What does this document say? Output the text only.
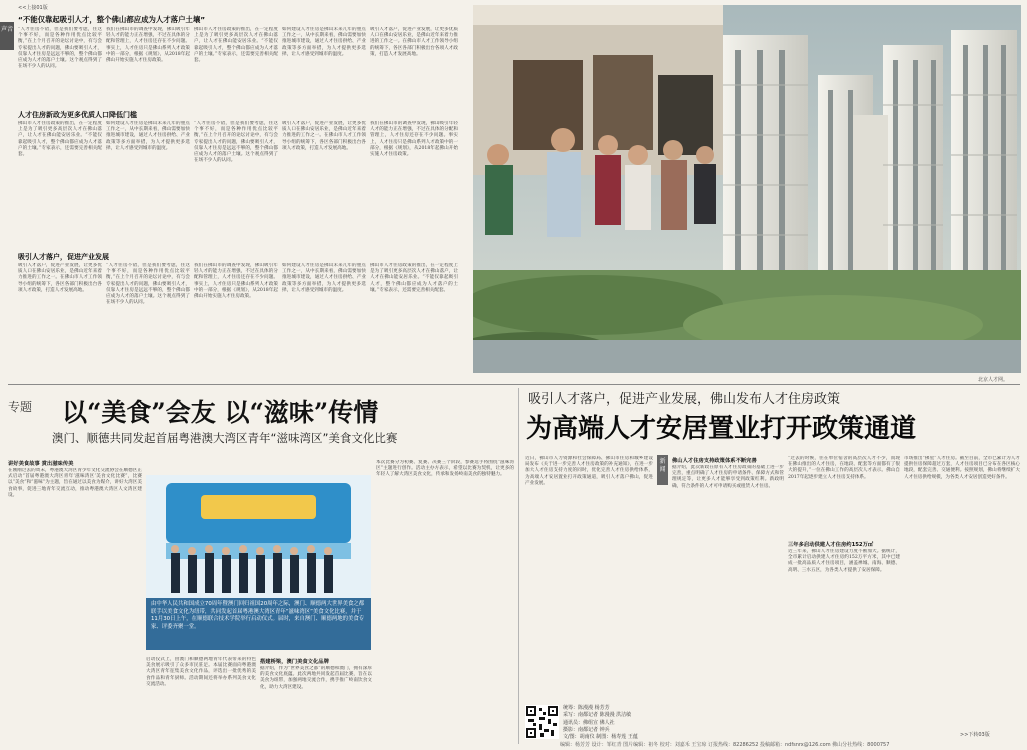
<<上接01版
声音
“不能仅靠起吸引人才，整个佛山都应成为人才落户土壤”
“人才住房不错，但是我们要考虑，住这个事不好，而是各种作用优点比较平衡，”在上个月召开的论坛讨论中，有与会专家提出人才的问题，佛山要吸引人才，仅靠人才住房是远远不够的，整个佛山都应成为人才的落户土壤。这个观点得到了在场不少人的认同。
我们在佛山市的调查中发现，佛山吸引年轻人才的能力正在增强，不过在具体的分配和管理上，人才住房还存在不少问题。事实上，人才住房只是佛山系列人才政策中的一部分，根据《规划》，从2018年起佛山开始实施人才住房政策。
佛山市人才住房政策的推出，在一定程度上是为了吸引更多高层次人才在佛山落户，让人才在佛山能安居乐业。“不能仅靠起吸引人才，整个佛山都应成为人才落户的土壤。”专家表示，还需要完善相关配套。
如何建设人才住房是佛山未来几年的重点工作之一，从中长期来看，佛山需要加快推进城市建设，通过人才住房供给、产业政策等多方面举措，为人才提供更多选择，让人才感受到城市的温度。
吸引人才落户，促进产业发展，让更多优质人口在佛山安居乐业，是佛山近年来着力推进的工作之一。在佛山市人才工作领导小组的统筹下，各区各部门积极出台各项人才政策，打造人才发展高地。
人才住房新政为更多优质人口降低门槛
佛山市人才住房政策的推出，在一定程度上是为了吸引更多高层次人才在佛山落户，让人才在佛山能安居乐业。“不能仅靠起吸引人才，整个佛山都应成为人才落户的土壤。”专家表示，还需要完善相关配套。
如何建设人才住房是佛山未来几年的重点工作之一，从中长期来看，佛山需要加快推进城市建设，通过人才住房供给、产业政策等多方面举措，为人才提供更多选择，让人才感受到城市的温度。
“人才住房不错，但是我们要考虑，住这个事不好，而是各种作用优点比较平衡，”在上个月召开的论坛讨论中，有与会专家提出人才的问题，佛山要吸引人才，仅靠人才住房是远远不够的，整个佛山都应成为人才的落户土壤。这个观点得到了在场不少人的认同。
吸引人才落户，促进产业发展，让更多优质人口在佛山安居乐业，是佛山近年来着力推进的工作之一。在佛山市人才工作领导小组的统筹下，各区各部门积极出台各项人才政策，打造人才发展高地。
我们在佛山市的调查中发现，佛山吸引年轻人才的能力正在增强，不过在具体的分配和管理上，人才住房还存在不少问题。事实上，人才住房只是佛山系列人才政策中的一部分，根据《规划》，从2018年起佛山开始实施人才住房政策。
吸引人才落户，促进产业发展
吸引人才落户，促进产业发展，让更多优质人口在佛山安居乐业，是佛山近年来着力推进的工作之一。在佛山市人才工作领导小组的统筹下，各区各部门积极出台各项人才政策，打造人才发展高地。
“人才住房不错，但是我们要考虑，住这个事不好，而是各种作用优点比较平衡，”在上个月召开的论坛讨论中，有与会专家提出人才的问题，佛山要吸引人才，仅靠人才住房是远远不够的，整个佛山都应成为人才的落户土壤。这个观点得到了在场不少人的认同。
我们在佛山市的调查中发现，佛山吸引年轻人才的能力正在增强，不过在具体的分配和管理上，人才住房还存在不少问题。事实上，人才住房只是佛山系列人才政策中的一部分，根据《规划》，从2018年起佛山开始实施人才住房政策。
如何建设人才住房是佛山未来几年的重点工作之一，从中长期来看，佛山需要加快推进城市建设，通过人才住房供给、产业政策等多方面举措，为人才提供更多选择，让人才感受到城市的温度。
佛山市人才住房政策的推出，在一定程度上是为了吸引更多高层次人才在佛山落户，让人才在佛山能安居乐业。“不能仅靠起吸引人才，整个佛山都应成为人才落户的土壤。”专家表示，还需要完善相关配套。
北京人才网。
专题 以“美食”会友 以“滋味”传情
澳门、顺德共同发起首届粤港澳大湾区青年“滋味湾区”美食文化比赛
讲好美食故事 赏出滋味传美
在刚刚过去的周末，粤港澳大湾区青少年文化交流协会在顺德区正式启动“首届粤港澳大湾区青年‘滋味湾区’美食文化比赛”，比赛以“美食”和“滋味”为主题，旨在通过以美食为媒介，讲好大湾区美食故事，促进三地青年交流互动，推动粤港澳大湾区人文湾区建设。
启动仪式上，由澳门和顺德两地青年代表带来的特色美食展示吸引了众多市民驻足。本届比赛面向粤港澳大湾区青年征集美食文化作品，评选出一批优秀的美食作品和青年厨师。活动期间还将举办系列美食文化交流活动。
搭建桥梁，澳门美食文化品牌
据介绍，作为“世界美食之都”的顺德和澳门，拥有深厚的美食文化底蕴。此次两地共同发起首届比赛，旨在以美食为纽带，加强两地交流合作，携手推广岭南饮食文化，助力大湾区建设。
本次比赛分为初赛、复赛、决赛三个阶段，参赛选手将围绕“滋味湾区”主题进行创作。活动主办方表示，希望以比赛为契机，让更多的年轻人了解大湾区美食文化，传承和发扬岭南美食的独特魅力。
由中华人民共和国成立70周年暨澳门回归祖国20周年之际，澳门、顺德两大世界美食之都联手以美食文化为纽带，共同发起首届粤港澳大湾区青年“滋味湾区”美食文化比赛，并于11月30日上午，在顺德联合技术学院举行启动仪式。届时，来自澳门、顺德两地的美食专家、评委齐聚一堂。
吸引人才落户，促进产业发展，佛山发布人才住房政策
为高端人才安居置业打开政策通道
近日，佛山市人力资源和社会保障局、佛山市住房和城乡建设局发布《关于进一步完善人才住房政策的补充通知》，在进一步加大人才住房支持力度的同时，优化完善人才住房供给体系，为高端人才安居置业打开政策通道，吸引人才落户佛山，促进产业发展。
新闻
佛山人才住房支持政策体系不断完善
据介绍，此次新政在原有人才住房政策的基础上进一步完善，重点明确了人才住房的申请条件、保障方式和管理规定等，让更多人才能够享受到政策红利。新政明确，符合条件的人才可申请购买或租赁人才住房。
“过去的时候，住在单位宿舍的高层次人才不少，而现在佛山推出的人才住房，在地段、配套等方面都有了很大的提升，”一位在佛山工作的高层次人才表示。佛山自2017年起逐步建立人才住房支持体系。
三年多启动供建人才住房约152万㎡
近三年来，佛山人才住房建设力度不断加大。据统计，全市累计启动供建人才住房约152万平方米，其中已建成一批高品质人才住房项目，涵盖禅城、南海、顺德、高明、三水五区，为各类人才提供了安居保障。
市场推出“佛星”人才住房。截至目前，全市已累计为人才提供住房保障超过万套，人才住房项目已分布在各区核心地段，配套完善、交通便利。按照规划，佛山将继续扩大人才住房供给规模，为各类人才安居创造更好条件。
统筹：陈漫漫 杨芳芳
采写：南都记者 陈漫漫 洪洁敏
通讯员：佛组宣 佛人社
摄影：南都记者 钟兵
文/图：胡南仪 制图：杨寿莲 王蕴	>>下转03版
编辑：杨芳芳 设计：邹红青 图片编辑：祖冬 校对：刘嘉禾 王宝琼 订报热线：82286252 投稿邮箱：ndfsnrx@126.com 佛山分社热线：8000757
